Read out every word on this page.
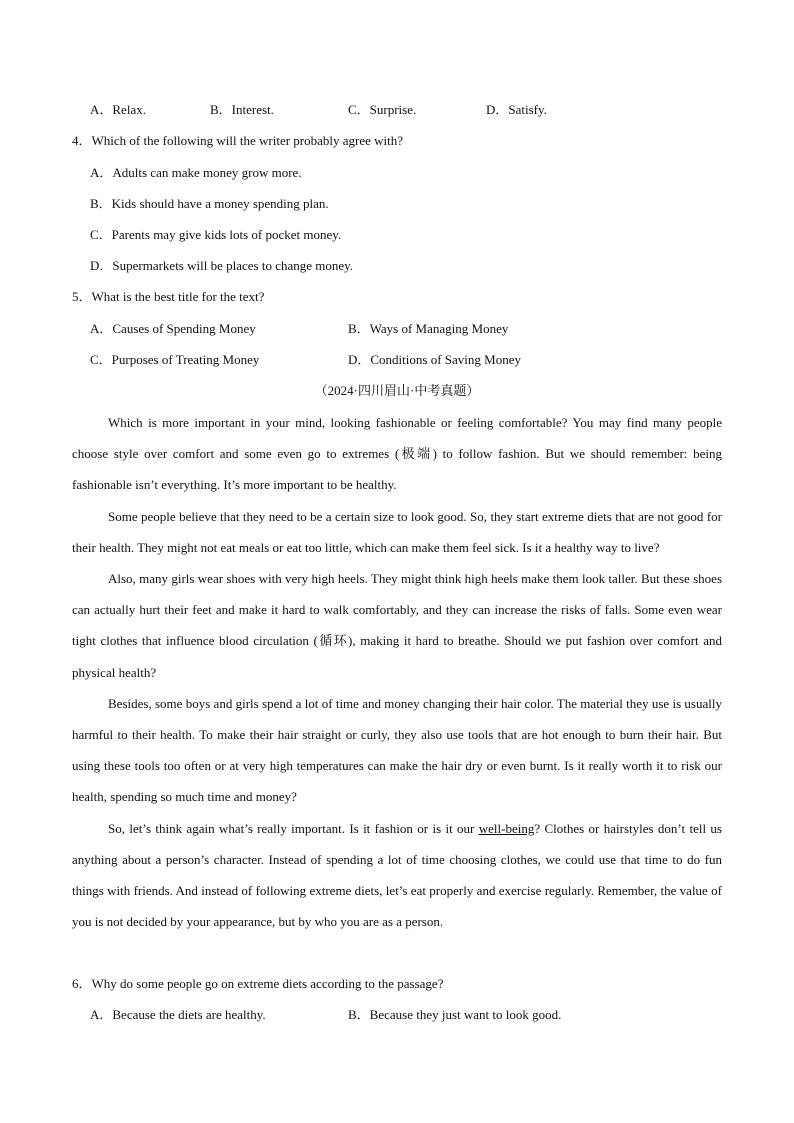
A．Relax.	B．Interest.	C．Surprise.	D．Satisfy.
4．Which of the following will the writer probably agree with?
A．Adults can make money grow more.
B．Kids should have a money spending plan.
C．Parents may give kids lots of pocket money.
D．Supermarkets will be places to change money.
5．What is the best title for the text?
A．Causes of Spending Money	B．Ways of Managing Money
C．Purposes of Treating Money	D．Conditions of Saving Money
（2024·四川眉山·中考真题）

Which is more important in your mind, looking fashionable or feeling comfortable? You may find many people choose style over comfort and some even go to extremes (极端) to follow fashion. But we should remember: being fashionable isn’t everything. It’s more important to be healthy.

Some people believe that they need to be a certain size to look good. So, they start extreme diets that are not good for their health. They might not eat meals or eat too little, which can make them feel sick. Is it a healthy way to live?

Also, many girls wear shoes with very high heels. They might think high heels make them look taller. But these shoes can actually hurt their feet and make it hard to walk comfortably, and they can increase the risks of falls. Some even wear tight clothes that influence blood circulation (循环), making it hard to breathe. Should we put fashion over comfort and physical health?

Besides, some boys and girls spend a lot of time and money changing their hair color. The material they use is usually harmful to their health. To make their hair straight or curly, they also use tools that are hot enough to burn their hair. But using these tools too often or at very high temperatures can make the hair dry or even burnt. Is it really worth it to risk our health, spending so much time and money?

So, let’s think again what’s really important. Is it fashion or is it our well-being? Clothes or hairstyles don’t tell us anything about a person’s character. Instead of spending a lot of time choosing clothes, we could use that time to do fun things with friends. And instead of following extreme diets, let’s eat properly and exercise regularly. Remember, the value of you is not decided by your appearance, but by who you are as a person.

6．Why do some people go on extreme diets according to the passage?
A．Because the diets are healthy.	B．Because they just want to look good.
